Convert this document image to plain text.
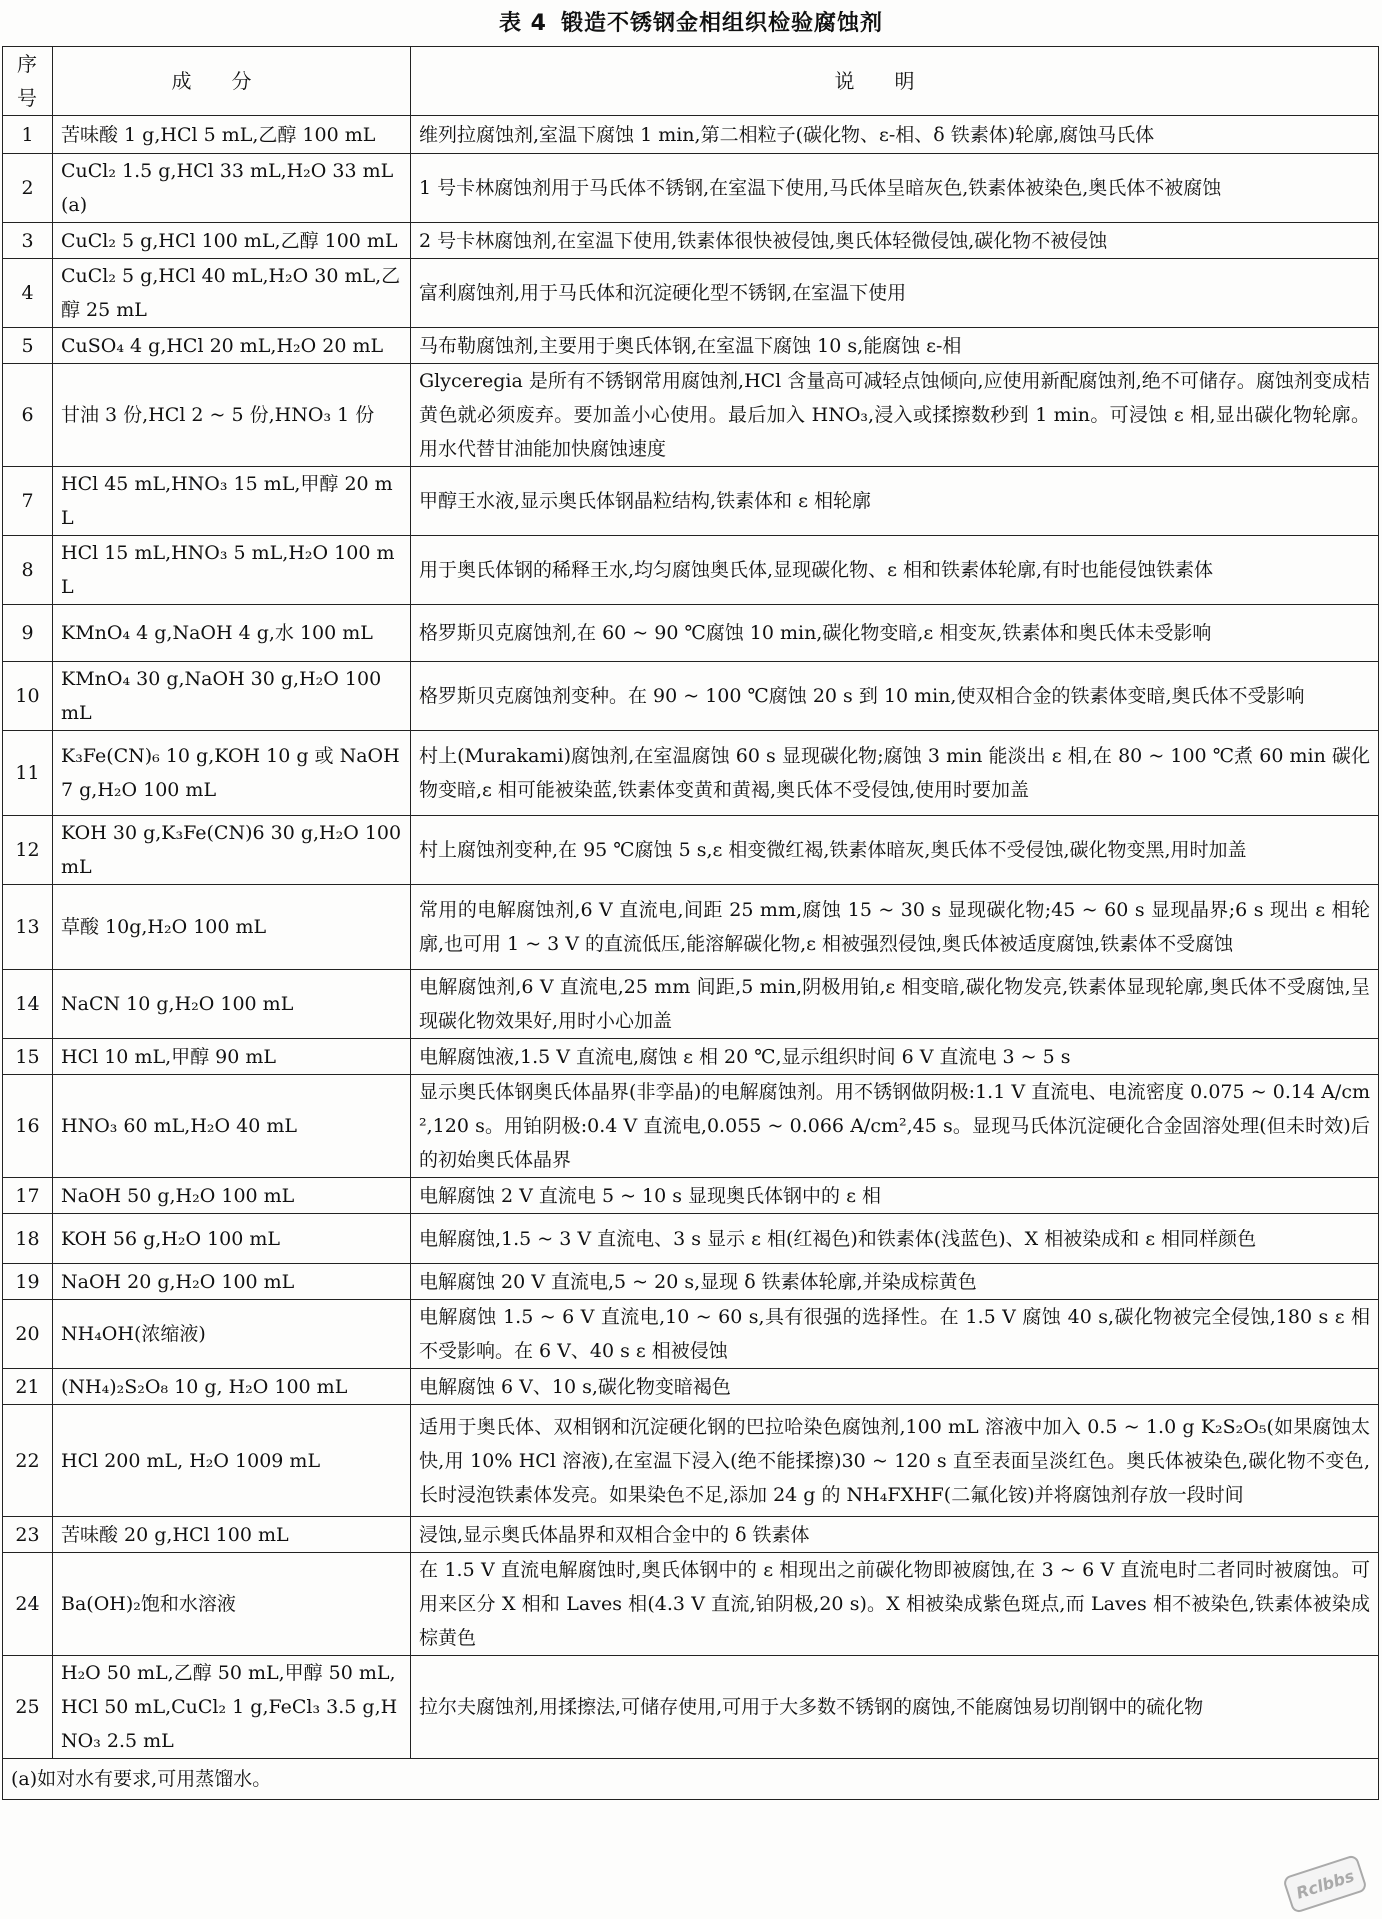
表 4 锻造不锈钢金相组织检验腐蚀剂
序号	成分	说明
1	苦味酸 1 g,HCl 5 mL,乙醇 100 mL	维列拉腐蚀剂,室温下腐蚀 1 min,第二相粒子(碳化物、ε-相、δ 铁素体)轮廓,腐蚀马氏体
2	CuCl₂ 1.5 g,HCl 33 mL,H₂O 33 mL(a)	1 号卡林腐蚀剂用于马氏体不锈钢,在室温下使用,马氏体呈暗灰色,铁素体被染色,奥氏体不被腐蚀
3	CuCl₂ 5 g,HCl 100 mL,乙醇 100 mL	2 号卡林腐蚀剂,在室温下使用,铁素体很快被侵蚀,奥氏体轻微侵蚀,碳化物不被侵蚀
4	CuCl₂ 5 g,HCl 40 mL,H₂O 30 mL,乙醇 25 mL	富利腐蚀剂,用于马氏体和沉淀硬化型不锈钢,在室温下使用
5	CuSO₄ 4 g,HCl 20 mL,H₂O 20 mL	马布勒腐蚀剂,主要用于奥氏体钢,在室温下腐蚀 10 s,能腐蚀 ε-相
6	甘油 3 份,HCl 2 ~ 5 份,HNO₃ 1 份	Glyceregia 是所有不锈钢常用腐蚀剂,HCl 含量高可减轻点蚀倾向,应使用新配腐蚀剂,绝不可储存。腐蚀剂变成桔黄色就必须废弃。要加盖小心使用。最后加入 HNO₃,浸入或揉擦数秒到 1 min。可浸蚀 ε 相,显出碳化物轮廓。用水代替甘油能加快腐蚀速度
7	HCl 45 mL,HNO₃ 15 mL,甲醇 20 mL	甲醇王水液,显示奥氏体钢晶粒结构,铁素体和 ε 相轮廓
8	HCl 15 mL,HNO₃ 5 mL,H₂O 100 mL	用于奥氏体钢的稀释王水,均匀腐蚀奥氏体,显现碳化物、ε 相和铁素体轮廓,有时也能侵蚀铁素体
9	KMnO₄ 4 g,NaOH 4 g,水 100 mL	格罗斯贝克腐蚀剂,在 60 ~ 90 ℃腐蚀 10 min,碳化物变暗,ε 相变灰,铁素体和奥氏体未受影响
10	KMnO₄ 30 g,NaOH 30 g,H₂O 100 mL	格罗斯贝克腐蚀剂变种。在 90 ~ 100 ℃腐蚀 20 s 到 10 min,使双相合金的铁素体变暗,奥氏体不受影响
11	K₃Fe(CN)₆ 10 g,KOH 10 g 或 NaOH 7 g,H₂O 100 mL	村上(Murakami)腐蚀剂,在室温腐蚀 60 s 显现碳化物;腐蚀 3 min 能淡出 ε 相,在 80 ~ 100 ℃煮 60 min 碳化物变暗,ε 相可能被染蓝,铁素体变黄和黄褐,奥氏体不受侵蚀,使用时要加盖
12	KOH 30 g,K₃Fe(CN)6 30 g,H₂O 100 mL	村上腐蚀剂变种,在 95 ℃腐蚀 5 s,ε 相变微红褐,铁素体暗灰,奥氏体不受侵蚀,碳化物变黑,用时加盖
13	草酸 10g,H₂O 100 mL	常用的电解腐蚀剂,6 V 直流电,间距 25 mm,腐蚀 15 ~ 30 s 显现碳化物;45 ~ 60 s 显现晶界;6 s 现出 ε 相轮廓,也可用 1 ~ 3 V 的直流低压,能溶解碳化物,ε 相被强烈侵蚀,奥氏体被适度腐蚀,铁素体不受腐蚀
14	NaCN 10 g,H₂O 100 mL	电解腐蚀剂,6 V 直流电,25 mm 间距,5 min,阴极用铂,ε 相变暗,碳化物发亮,铁素体显现轮廓,奥氏体不受腐蚀,呈现碳化物效果好,用时小心加盖
15	HCl 10 mL,甲醇 90 mL	电解腐蚀液,1.5 V 直流电,腐蚀 ε 相 20 ℃,显示组织时间 6 V 直流电 3 ~ 5 s
16	HNO₃ 60 mL,H₂O 40 mL	显示奥氏体钢奥氏体晶界(非孪晶)的电解腐蚀剂。用不锈钢做阴极:1.1 V 直流电、电流密度 0.075 ~ 0.14 A/cm²,120 s。用铂阴极:0.4 V 直流电,0.055 ~ 0.066 A/cm²,45 s。显现马氏体沉淀硬化合金固溶处理(但未时效)后的初始奥氏体晶界
17	NaOH 50 g,H₂O 100 mL	电解腐蚀 2 V 直流电 5 ~ 10 s 显现奥氏体钢中的 ε 相
18	KOH 56 g,H₂O 100 mL	电解腐蚀,1.5 ~ 3 V 直流电、3 s 显示 ε 相(红褐色)和铁素体(浅蓝色)、X 相被染成和 ε 相同样颜色
19	NaOH 20 g,H₂O 100 mL	电解腐蚀 20 V 直流电,5 ~ 20 s,显现 δ 铁素体轮廓,并染成棕黄色
20	NH₄OH(浓缩液)	电解腐蚀 1.5 ~ 6 V 直流电,10 ~ 60 s,具有很强的选择性。在 1.5 V 腐蚀 40 s,碳化物被完全侵蚀,180 s ε 相不受影响。在 6 V、40 s ε 相被侵蚀
21	(NH₄)₂S₂O₈ 10 g, H₂O 100 mL	电解腐蚀 6 V、10 s,碳化物变暗褐色
22	HCl 200 mL, H₂O 1009 mL	适用于奥氏体、双相钢和沉淀硬化钢的巴拉哈染色腐蚀剂,100 mL 溶液中加入 0.5 ~ 1.0 g K₂S₂O₅(如果腐蚀太快,用 10% HCl 溶液),在室温下浸入(绝不能揉擦)30 ~ 120 s 直至表面呈淡红色。奥氏体被染色,碳化物不变色,长时浸泡铁素体发亮。如果染色不足,添加 24 g 的 NH₄FXHF(二氟化铵)并将腐蚀剂存放一段时间
23	苦味酸 20 g,HCl 100 mL	浸蚀,显示奥氏体晶界和双相合金中的 δ 铁素体
24	Ba(OH)₂饱和水溶液	在 1.5 V 直流电解腐蚀时,奥氏体钢中的 ε 相现出之前碳化物即被腐蚀,在 3 ~ 6 V 直流电时二者同时被腐蚀。可用来区分 X 相和 Laves 相(4.3 V 直流,铂阴极,20 s)。X 相被染成紫色斑点,而 Laves 相不被染色,铁素体被染成棕黄色
25	H₂O 50 mL,乙醇 50 mL,甲醇 50 mL,HCl 50 mL,CuCl₂ 1 g,FeCl₃ 3.5 g,HNO₃ 2.5 mL	拉尔夫腐蚀剂,用揉擦法,可储存使用,可用于大多数不锈钢的腐蚀,不能腐蚀易切削钢中的硫化物
(a)如对水有要求,可用蒸馏水。		
Rclbbs
